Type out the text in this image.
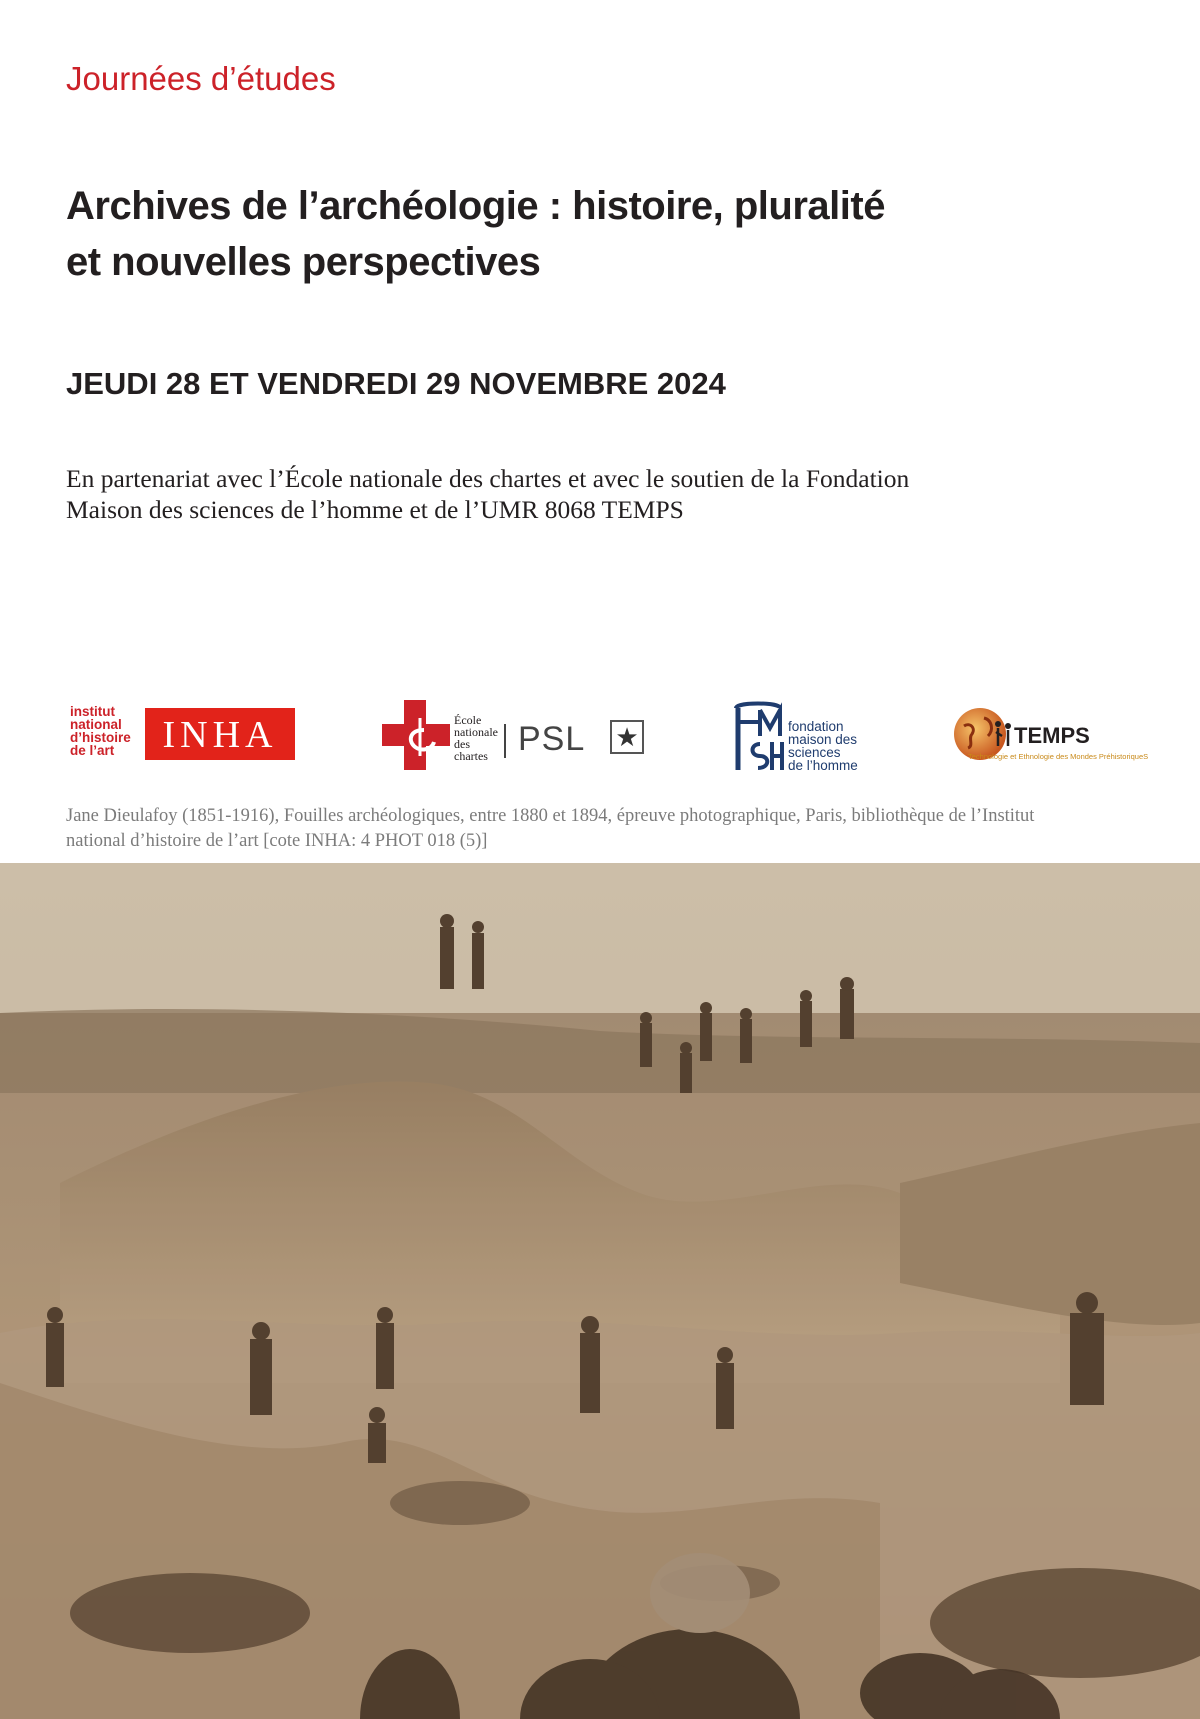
Journées d’études
Archives de l’archéologie : histoire, pluralité
et nouvelles perspectives
JEUDI 28 ET VENDREDI 29 NOVEMBRE 2024
En partenariat avec l’École nationale des chartes et avec le soutien de la Fondation
Maison des sciences de l’homme et de l’UMR 8068 TEMPS
institut
national
d’histoire
de l’art	INHA	École
nationale
des
chartes PSL ★	fondation
maison des
sciences
de l’homme
TEMPS
Technologie et Ethnologie des Mondes PréhistoriqueS
Jane Dieulafoy (1851-1916), Fouilles archéologiques, entre 1880 et 1894, épreuve photographique, Paris, bibliothèque de l’Institut
national d’histoire de l’art [cote INHA: 4 PHOT 018 (5)]
